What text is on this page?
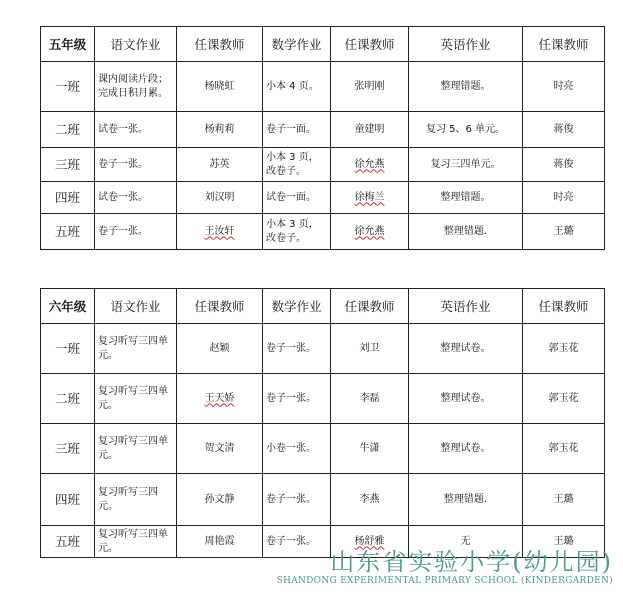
五年级	语文作业	任课教师	数学作业	任课教师	英语作业	任课教师
一班	课内阅读片段；完成日积月累。	杨晓虹	小本 4 页。	张明刚	整理错题。	时亮
二班	试卷一张。	杨莉莉	卷子一面。	童建明	复习 5、6 单元。	蒋俊
三班	卷子一张。	苏英	小本 3 页，改卷子。	徐允燕	复习三四单元。	蒋俊
四班	试卷一张。	刘汉明	试卷一面。	徐梅兰	整理错题。	时亮
五班	卷子一张。	王汝轩	小本 3 页，改卷子。	徐允燕	整理错题.	王璐
六年级	语文作业	任课教师	数学作业	任课教师	英语作业	任课教师
一班	复习听写三四单元。	赵颖	卷子一张。	刘卫	整理试卷。	郭玉花
二班	复习听写三四单元。	王天娇	卷子一张。	李磊	整理试卷。	郭玉花
三班	复习听写三四单元。	贺文清	小卷一张。	牛潇	整理试卷。	郭玉花
四班	复习听写三四元。	孙文静	卷子一张。	李燕	整理错题.	王璐
五班	复习听写三四单元。	周艳霞	卷子一张。	杨舒雅	无	王璐
山东省实验小学(幼儿园)
SHANDONG EXPERIMENTAL PRIMARY SCHOOL (KINDERGARDEN)
